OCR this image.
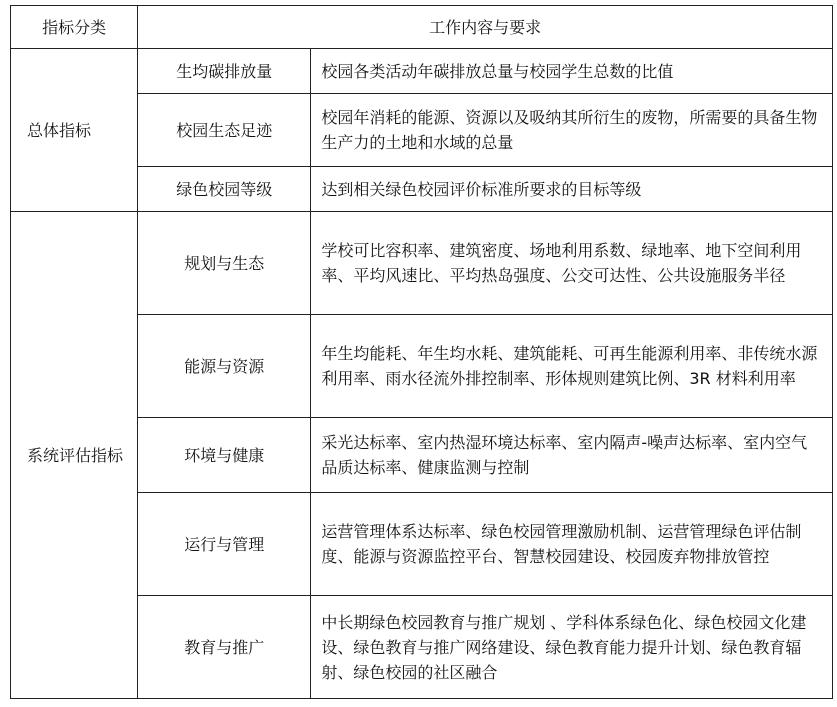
指标分类	工作内容与要求	
总体指标	生均碳排放量	校园各类活动年碳排放总量与校园学生总数的比值
	校园生态足迹	校园年消耗的能源、资源以及吸纳其所衍生的废物，所需要的具备生物生产力的土地和水域的总量
	绿色校园等级	达到相关绿色校园评价标准所要求的目标等级
系统评估指标	规划与生态	学校可比容积率、建筑密度、场地利用系数、绿地率、地下空间利用率、平均风速比、平均热岛强度、公交可达性、公共设施服务半径
	能源与资源	年生均能耗、年生均水耗、建筑能耗、可再生能源利用率、非传统水源利用率、雨水径流外排控制率、形体规则建筑比例、3R 材料利用率
	环境与健康	采光达标率、室内热湿环境达标率、室内隔声-噪声达标率、室内空气品质达标率、健康监测与控制
	运行与管理	运营管理体系达标率、绿色校园管理激励机制、运营管理绿色评估制度、能源与资源监控平台、智慧校园建设、校园废弃物排放管控
	教育与推广	中长期绿色校园教育与推广规划 、学科体系绿色化、绿色校园文化建设、绿色教育与推广网络建设、绿色教育能力提升计划、绿色教育辐射、绿色校园的社区融合
